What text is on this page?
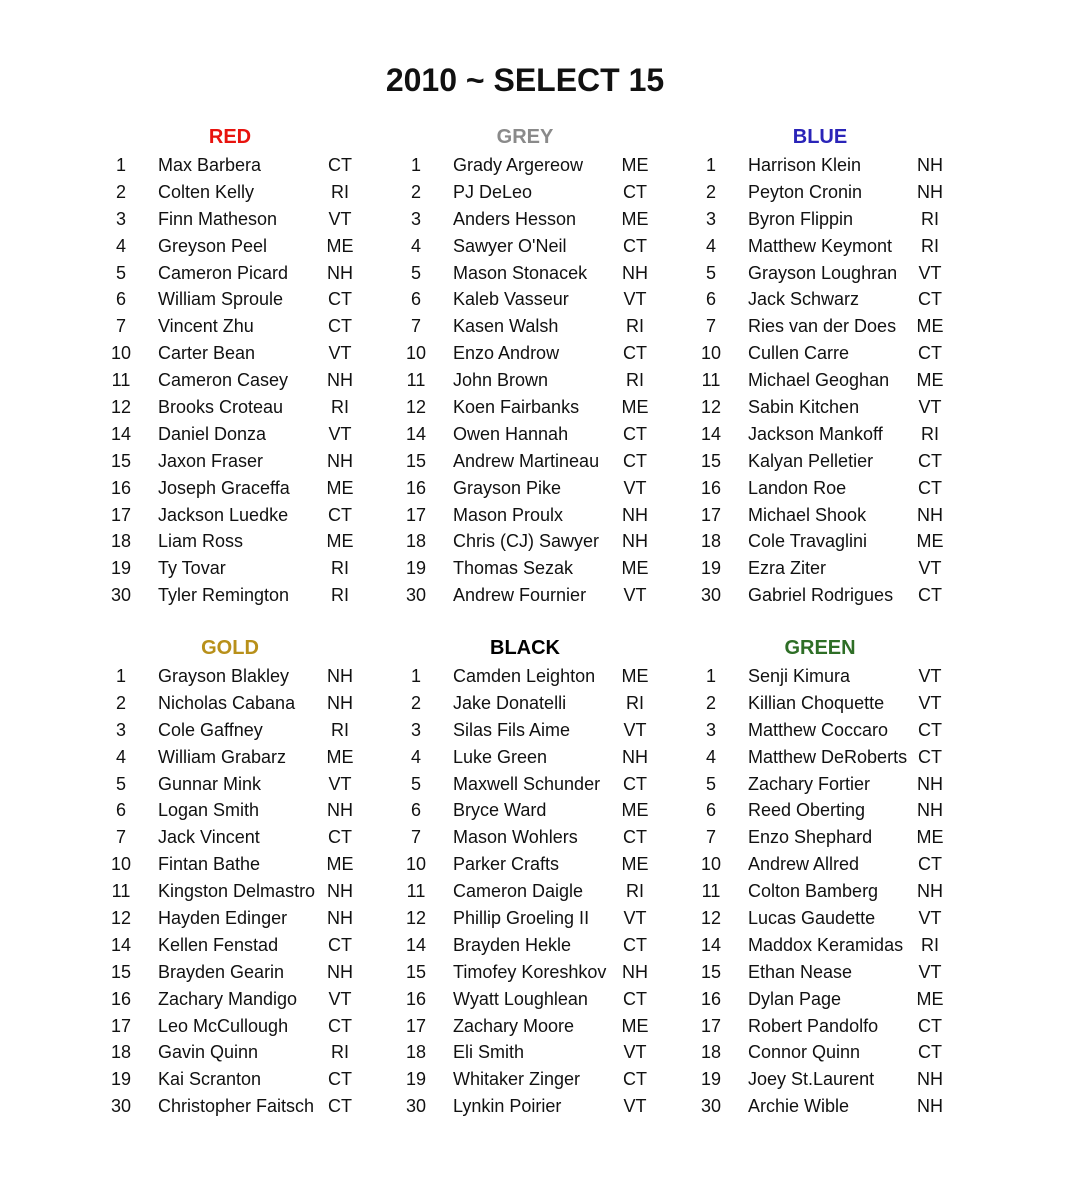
2010 ~ SELECT 15
RED
1	Max Barbera	CT
2	Colten Kelly	RI
3	Finn Matheson	VT
4	Greyson Peel	ME
5	Cameron Picard NH
6	William Sproule	CT
7	Vincent Zhu	CT
10 Carter Bean	VT
11 Cameron Casey NH
12 Brooks Croteau	RI
14 Daniel Donza	VT
15 Jaxon Fraser	NH
16 Joseph Graceffa ME
17 Jackson Luedke	CT
18 Liam Ross	ME
19 Ty Tovar	RI
30 Tyler Remington	RI
GREY
1	Grady Argereow ME
2	PJ DeLeo	CT
3	Anders Hesson	ME
4	Sawyer O'Neil	CT
5	Mason Stonacek NH
6	Kaleb Vasseur	VT
7	Kasen Walsh	RI
10 Enzo Androw	CT
11 John Brown	RI
12 Koen Fairbanks ME
14 Owen Hannah	CT
15 Andrew Martineau	CT
16 Grayson Pike	VT
17 Mason Proulx	NH
18 Chris (CJ) Sawyer NH
19 Thomas Sezak	ME
30 Andrew Fournier	VT
BLUE
1	Harrison Klein	NH
2	Peyton Cronin	NH
3	Byron Flippin	RI
4	Matthew Keymont	RI
5	Grayson Loughran	VT
6	Jack Schwarz	CT
7	Ries van der Does ME
10 Cullen Carre	CT
11 Michael Geoghan ME
12 Sabin Kitchen	VT
14 Jackson Mankoff	RI
15 Kalyan Pelletier	CT
16 Landon Roe	CT
17 Michael Shook	NH
18 Cole Travaglini	ME
19 Ezra Ziter	VT
30 Gabriel Rodrigues	CT
GOLD
1	Grayson Blakley NH
2	Nicholas Cabana NH
3	Cole Gaffney	RI
4	William Grabarz ME
5	Gunnar Mink	VT
6	Logan Smith	NH
7	Jack Vincent	CT
10 Fintan Bathe	ME
11 Kingston Delmastro NH
12 Hayden Edinger NH
14 Kellen Fenstad	CT
15 Brayden Gearin NH
16 Zachary Mandigo	VT
17 Leo McCullough	CT
18 Gavin Quinn	RI
19 Kai Scranton	CT
30 Christopher Faitsch CT
BLACK
1	Camden Leighton ME
2	Jake Donatelli	RI
3	Silas Fils Aime	VT
4	Luke Green	NH
5	Maxwell Schunder	CT
6	Bryce Ward	ME
7	Mason Wohlers	CT
10 Parker Crafts	ME
11 Cameron Daigle	RI
12 Phillip Groeling II	VT
14 Brayden Hekle	CT
15 Timofey Koreshkov NH
16 Wyatt Loughlean	CT
17 Zachary Moore	ME
18 Eli Smith	VT
19 Whitaker Zinger	CT
30 Lynkin Poirier	VT
GREEN
1	Senji Kimura	VT
2	Killian Choquette	VT
3	Matthew Coccaro	CT
4	Matthew DeRoberts CT
5	Zachary Fortier	NH
6	Reed Oberting	NH
7	Enzo Shephard ME
10 Andrew Allred	CT
11 Colton Bamberg NH
12 Lucas Gaudette	VT
14 Maddox Keramidas RI
15 Ethan Nease	VT
16 Dylan Page	ME
17 Robert Pandolfo	CT
18 Connor Quinn	CT
19 Joey St.Laurent NH
30 Archie Wible	NH
